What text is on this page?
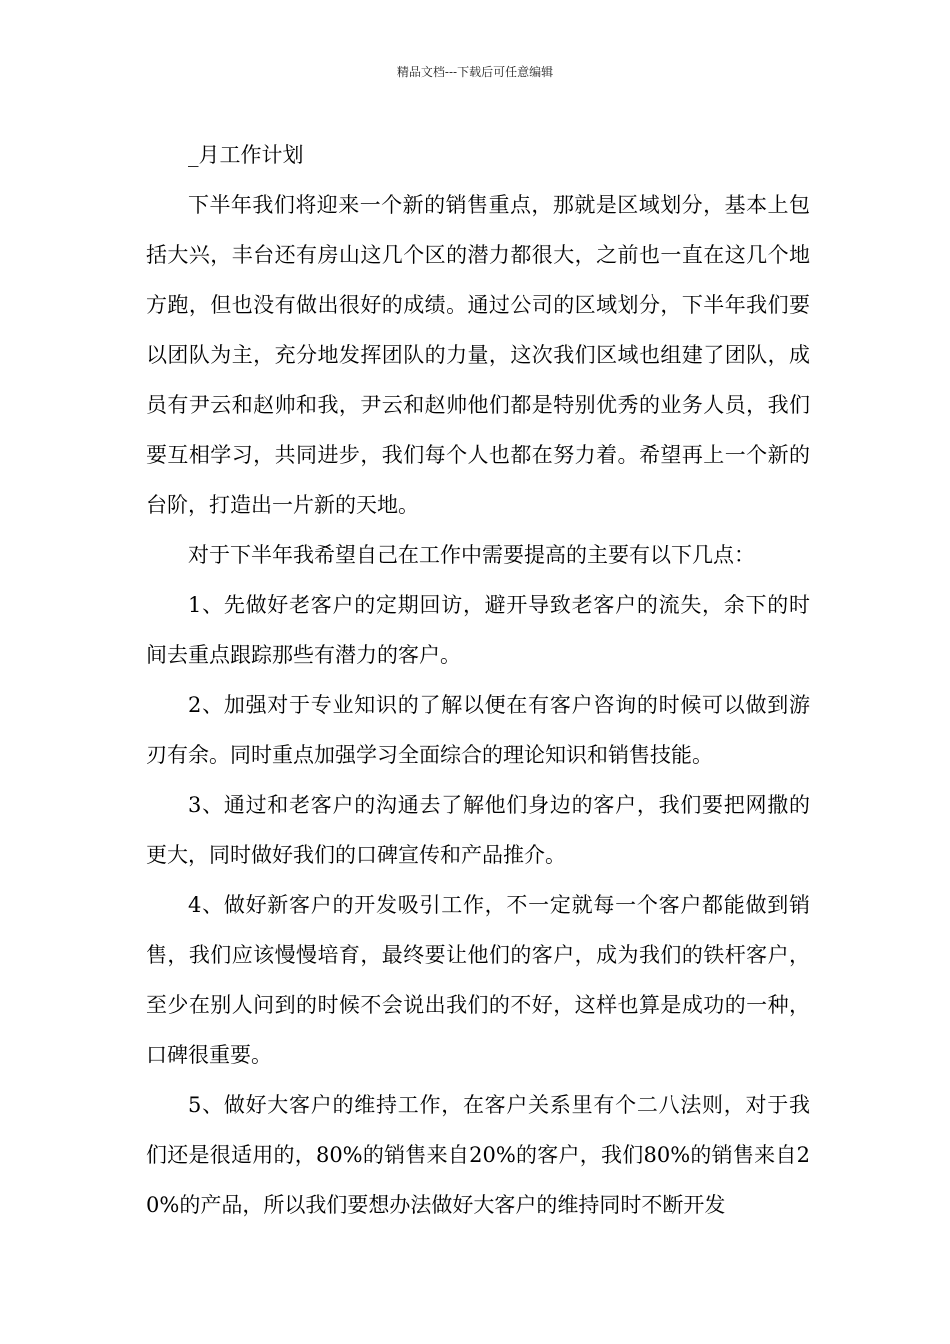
精品文档---下载后可任意编辑

_月工作计划

下半年我们将迎来一个新的销售重点，那就是区域划分，基本上包括大兴，丰台还有房山这几个区的潜力都很大，之前也一直在这几个地方跑，但也没有做出很好的成绩。通过公司的区域划分，下半年我们要以团队为主，充分地发挥团队的力量，这次我们区域也组建了团队，成员有尹云和赵帅和我，尹云和赵帅他们都是特别优秀的业务人员，我们要互相学习，共同进步，我们每个人也都在努力着。希望再上一个新的台阶，打造出一片新的天地。

对于下半年我希望自己在工作中需要提高的主要有以下几点：

1、先做好老客户的定期回访，避开导致老客户的流失，余下的时间去重点跟踪那些有潜力的客户。

2、加强对于专业知识的了解以便在有客户咨询的时候可以做到游刃有余。同时重点加强学习全面综合的理论知识和销售技能。

3、通过和老客户的沟通去了解他们身边的客户，我们要把网撒的更大，同时做好我们的口碑宣传和产品推介。

4、做好新客户的开发吸引工作，不一定就每一个客户都能做到销售，我们应该慢慢培育，最终要让他们的客户，成为我们的铁杆客户，至少在别人问到的时候不会说出我们的不好，这样也算是成功的一种，口碑很重要。

5、做好大客户的维持工作，在客户关系里有个二八法则，对于我们还是很适用的，80%的销售来自20%的客户，我们80%的销售来自20%的产品，所以我们要想办法做好大客户的维持同时不断开发
